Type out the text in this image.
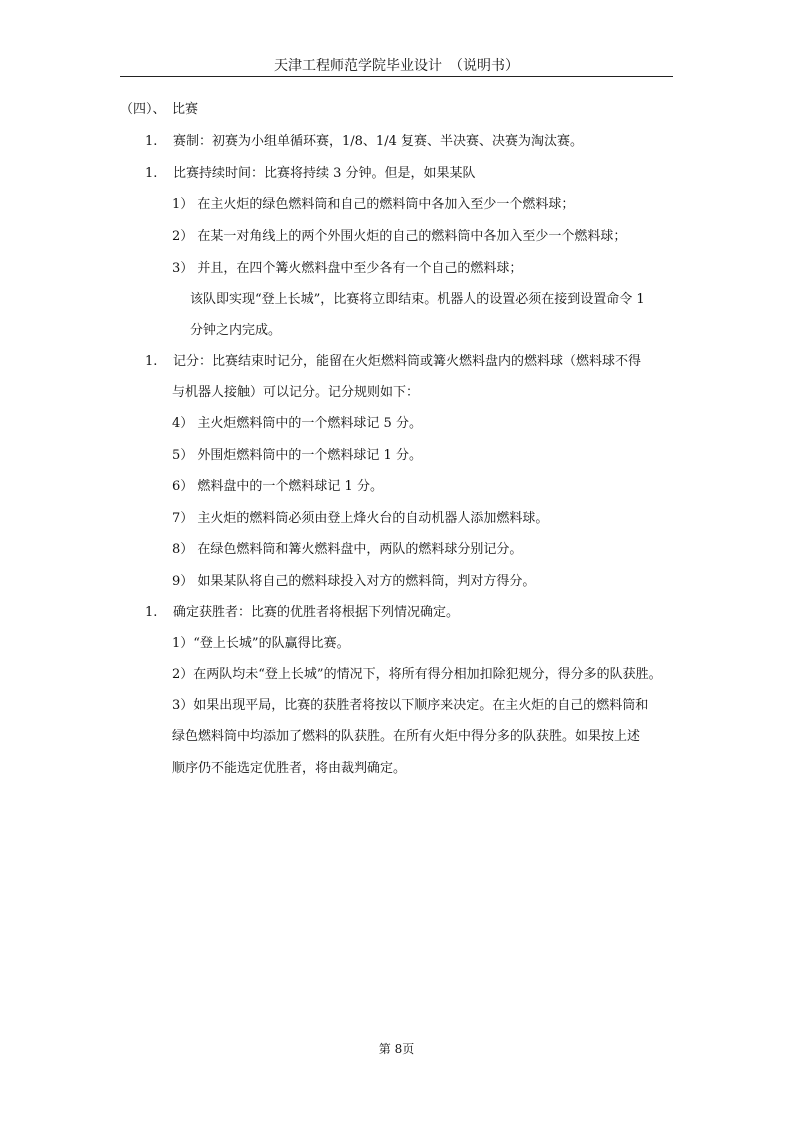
天津工程师范学院毕业设计　（说明书）
（四）、　比赛
1. 赛制：初赛为小组单循环赛，1/8、1/4 复赛、半决赛、决赛为淘汰赛。
1. 比赛持续时间：比赛将持续 3 分钟。但是，如果某队
1） 在主火炬的绿色燃料筒和自己的燃料筒中各加入至少一个燃料球；
2） 在某一对角线上的两个外围火炬的自己的燃料筒中各加入至少一个燃料球；
3） 并且，在四个篝火燃料盘中至少各有一个自己的燃料球；
该队即实现“登上长城”，比赛将立即结束。机器人的设置必须在接到设置命令 1
分钟之内完成。
1. 记分：比赛结束时记分，能留在火炬燃料筒或篝火燃料盘内的燃料球（燃料球不得
与机器人接触）可以记分。记分规则如下：
4） 主火炬燃料筒中的一个燃料球记 5 分。
5） 外围炬燃料筒中的一个燃料球记 1 分。
6） 燃料盘中的一个燃料球记 1 分。
7） 主火炬的燃料筒必须由登上烽火台的自动机器人添加燃料球。
8） 在绿色燃料筒和篝火燃料盘中，两队的燃料球分别记分。
9） 如果某队将自己的燃料球投入对方的燃料筒，判对方得分。
1. 确定获胜者：比赛的优胜者将根据下列情况确定。
1）“登上长城”的队赢得比赛。
2）在两队均未“登上长城”的情况下，将所有得分相加扣除犯规分，得分多的队获胜。
3）如果出现平局，比赛的获胜者将按以下顺序来决定。在主火炬的自己的燃料筒和
绿色燃料筒中均添加了燃料的队获胜。在所有火炬中得分多的队获胜。如果按上述
顺序仍不能选定优胜者，将由裁判确定。
第 8页
